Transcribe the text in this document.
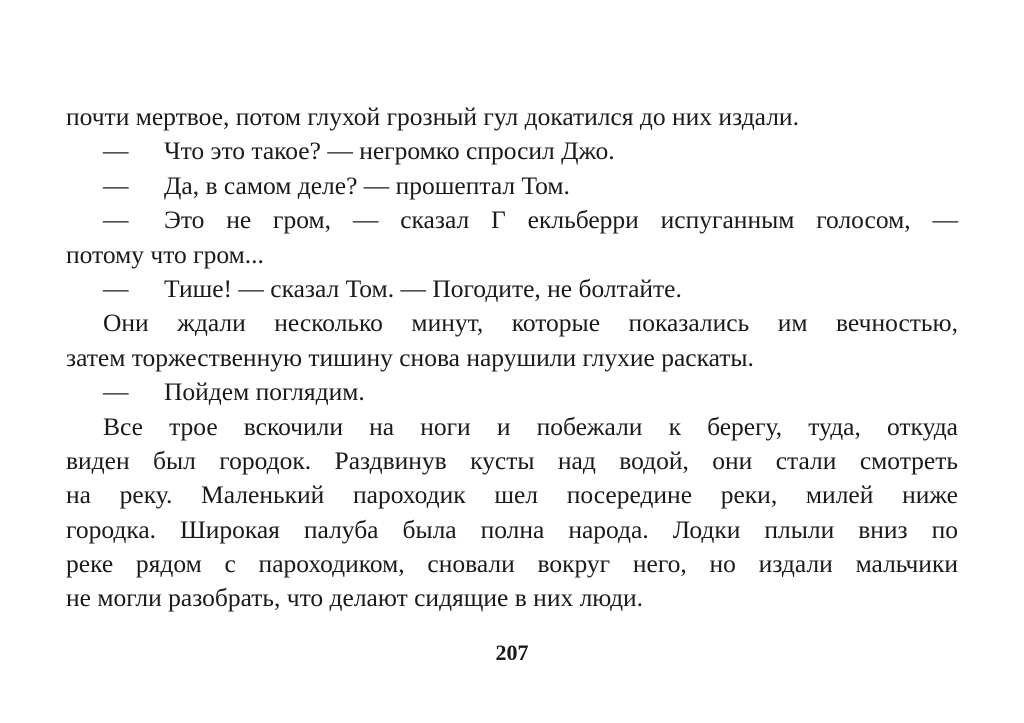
почти мертвое, потом глухой грозный гул докатился до них издали.
—	Что это такое? — негромко спросил Джо.
—	Да, в самом деле? — прошептал Том.
—	Это не гром, — сказал Г екльберри испуганным голосом, —
потому что гром...
—	Тише! — сказал Том. — Погодите, не болтайте.
Они ждали несколько минут, которые показались им вечностью,
затем торжественную тишину снова нарушили глухие раскаты.
—	Пойдем поглядим.
Все трое вскочили на ноги и побежали к берегу, туда, откуда
виден был городок. Раздвинув кусты над водой, они стали смотреть
на реку. Маленький пароходик шел посередине реки, милей ниже
городка. Широкая палуба была полна народа. Лодки плыли вниз по
реке рядом с пароходиком, сновали вокруг него, но издали мальчики
не могли разобрать, что делают сидящие в них люди.
207
